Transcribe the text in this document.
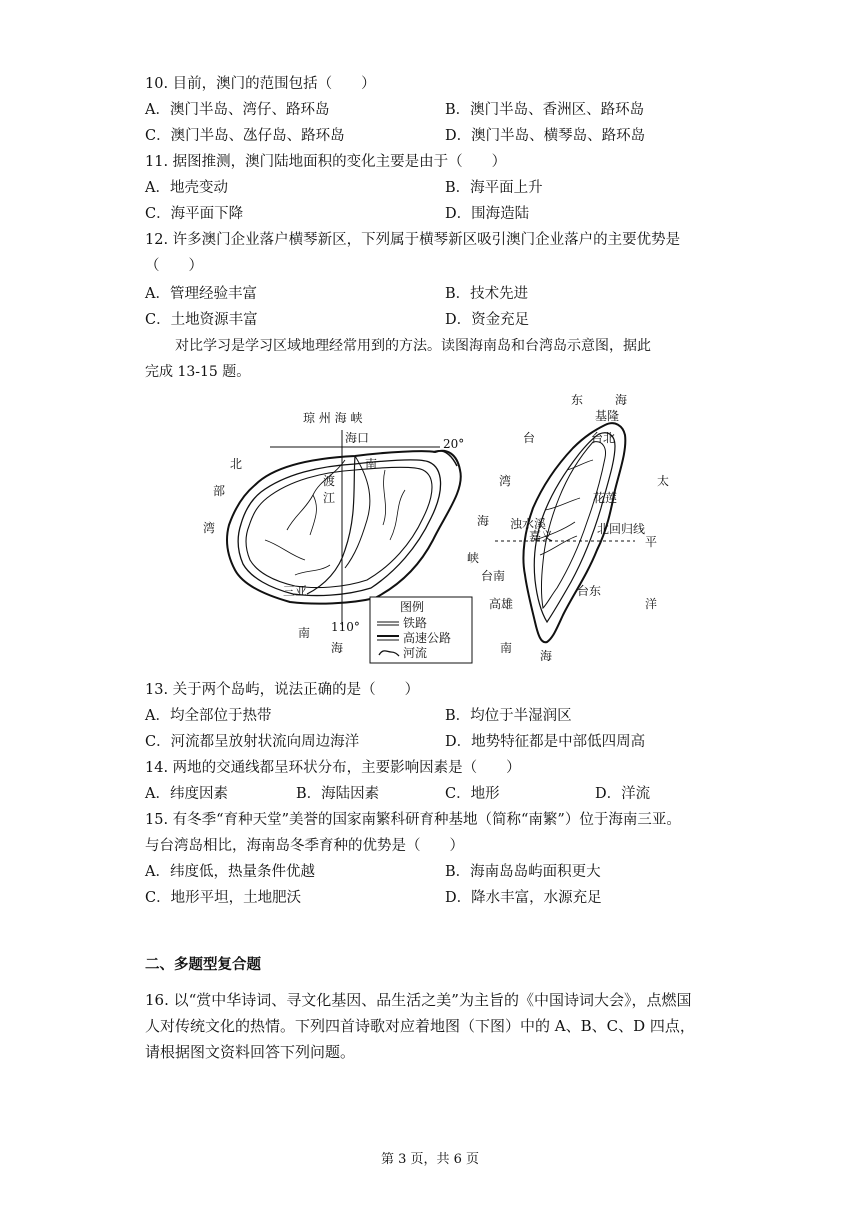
10. 目前，澳门的范围包括（　　）
A．澳门半岛、湾仔、路环岛	B．澳门半岛、香洲区、路环岛
C．澳门半岛、氹仔岛、路环岛	D．澳门半岛、横琴岛、路环岛
11. 据图推测，澳门陆地面积的变化主要是由于（　　）
A．地壳变动	B．海平面上升
C．海平面下降	D．围海造陆
12. 许多澳门企业落户横琴新区，下列属于横琴新区吸引澳门企业落户的主要优势是
（　　）
A．管理经验丰富	B．技术先进
C．土地资源丰富	D．资金充足
对比学习是学习区域地理经常用到的方法。读图海南岛和台湾岛示意图，据此
完成 13-15 题。
琼 州 海 峡
海口	20°
北
部
湾
南
渡
江
三亚
110°
南
海
图例
铁路
高速公路
河流
东	海
基隆
台北
台
湾
海
峡
太
平
洋
花莲
浊水溪
嘉义	北回归线
台南
高雄
台东
南
海
13. 关于两个岛屿，说法正确的是（　　）
A．均全部位于热带	B．均位于半湿润区
C．河流都呈放射状流向周边海洋	D．地势特征都是中部低四周高
14. 两地的交通线都呈环状分布，主要影响因素是（　　）
A．纬度因素	B．海陆因素	C．地形	D．洋流
15. 有冬季“育种天堂”美誉的国家南繁科研育种基地（简称“南繁”）位于海南三亚。
与台湾岛相比，海南岛冬季育种的优势是（　　）
A．纬度低，热量条件优越	B．海南岛岛屿面积更大
C．地形平坦，土地肥沃	D．降水丰富，水源充足
二、多题型复合题
16. 以“赏中华诗词、寻文化基因、品生活之美”为主旨的《中国诗词大会》，点燃国
人对传统文化的热情。下列四首诗歌对应着地图（下图）中的 A、B、C、D 四点，
请根据图文资料回答下列问题。
第 3 页，共 6 页
